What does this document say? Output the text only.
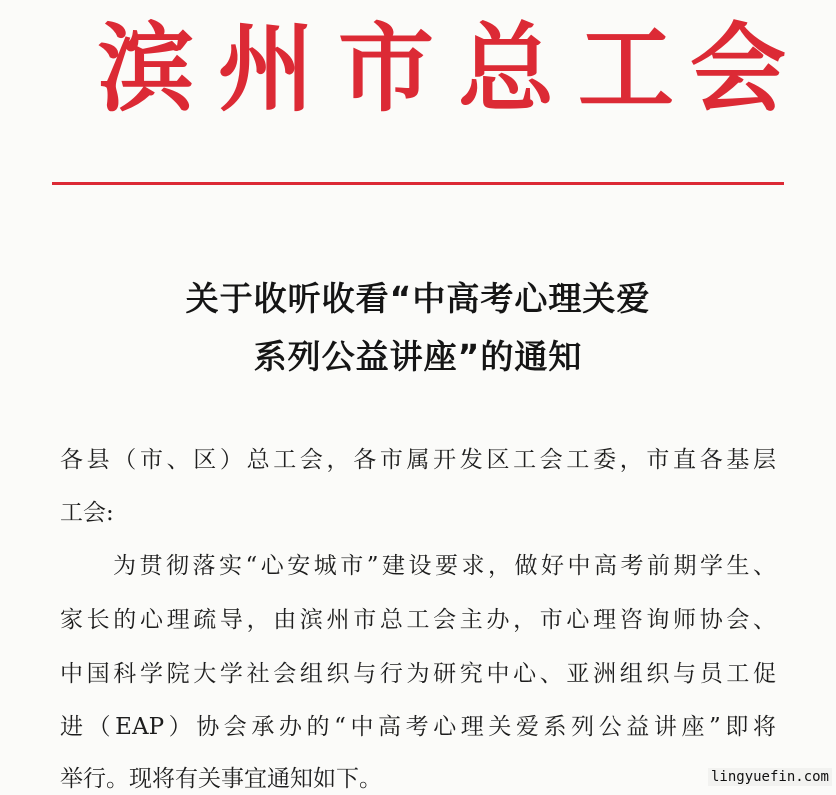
滨 州 市 总 工 会
关于收听收看“中高考心理关爱
系列公益讲座”的通知
各县（市、区）总工会，各市属开发区工会工委，市直各基层
工会:
　　为贯彻落实“心安城市”建设要求，做好中高考前期学生、
家长的心理疏导，由滨州市总工会主办，市心理咨询师协会、
中国科学院大学社会组织与行为研究中心、亚洲组织与员工促
进（EAP）协会承办的“中高考心理关爱系列公益讲座”即将
举行。现将有关事宜通知如下。	lingyuefin.com
